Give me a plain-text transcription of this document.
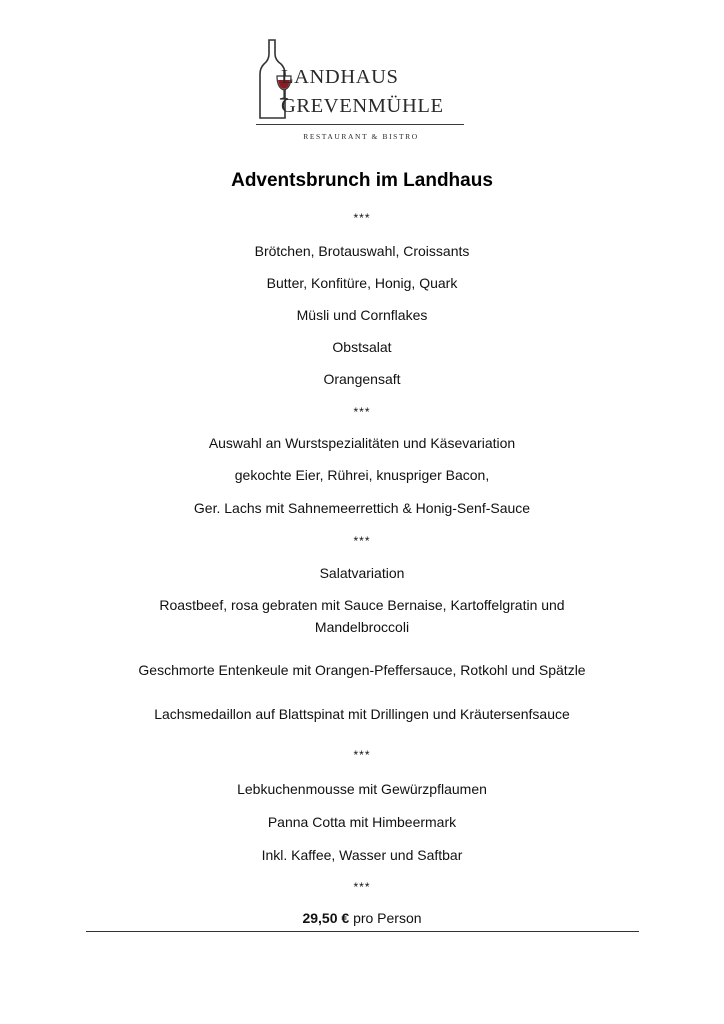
LANDHAUS
GREVENMÜHLE
RESTAURANT & BISTRO
Adventsbrunch im Landhaus
***
Brötchen, Brotauswahl, Croissants
Butter, Konfitüre, Honig, Quark
Müsli und Cornflakes
Obstsalat
Orangensaft
***
Auswahl an Wurstspezialitäten und Käsevariation
gekochte Eier, Rührei, knuspriger Bacon,
Ger. Lachs mit Sahnemeerrettich & Honig-Senf-Sauce
***
Salatvariation
Roastbeef, rosa gebraten mit Sauce Bernaise, Kartoffelgratin und Mandelbroccoli
Geschmorte Entenkeule mit Orangen-Pfeffersauce, Rotkohl und Spätzle
Lachsmedaillon auf Blattspinat mit Drillingen und Kräutersenfsauce
***
Lebkuchenmousse mit Gewürzpflaumen
Panna Cotta mit Himbeermark
Inkl. Kaffee, Wasser und Saftbar
***
29,50 € pro Person
